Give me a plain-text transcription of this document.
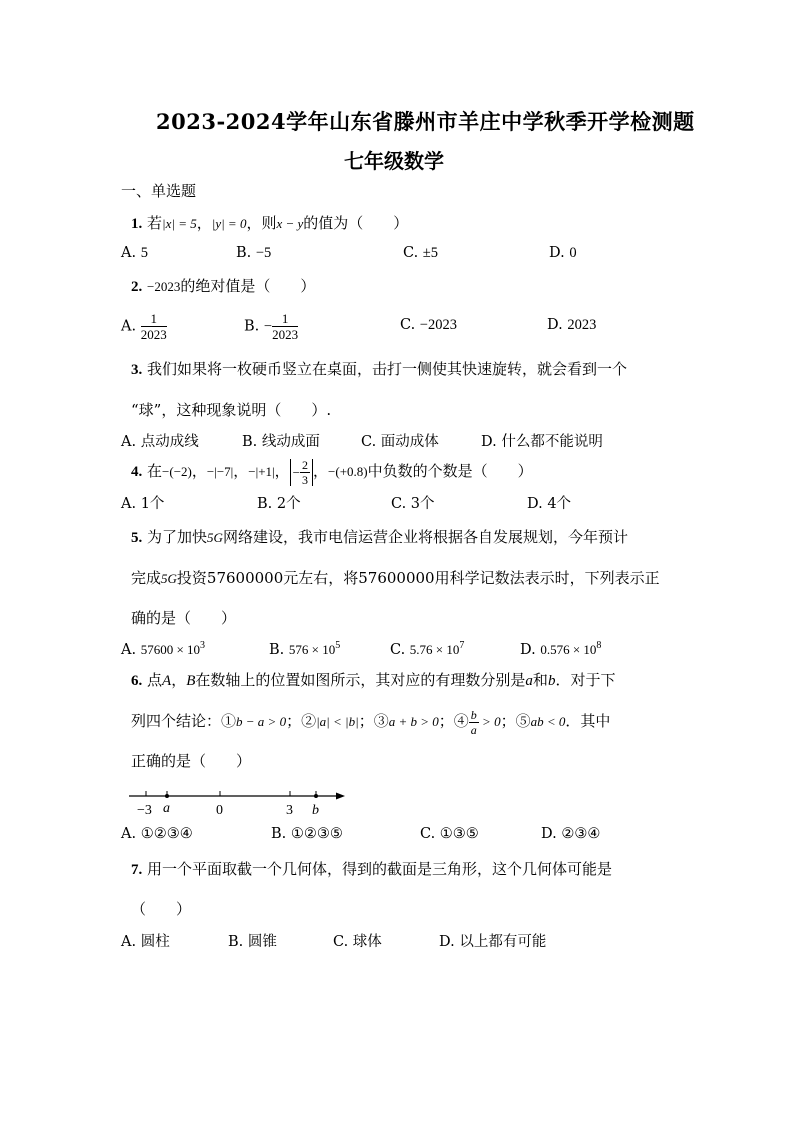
2023-2024学年山东省滕州市羊庄中学秋季开学检测题
七年级数学
一、单选题
1. 若|x| = 5，|y| = 0，则x − y的值为（　　）
A. 5	B. −5	C. ±5	D. 0
2. −2023的绝对值是（　　）
A. $\frac{1}{2023}$	B. − $\frac{1}{2023}$	C. −2023	D. 2023
3. 我们如果将一枚硬币竖立在桌面，击打一侧使其快速旋转，就会看到一个
“球”，这种现象说明（　　）.
A. 点动成线	B. 线动成面	C. 面动成体	D. 什么都不能说明
4. 在−(−2)，−|−7|，−|+1|， − $\frac{2}{3}$ ，−(+0.8)中负数的个数是（　　）
A. 1个	B. 2个	C. 3个	D. 4个
5. 为了加快5G网络建设，我市电信运营企业将根据各自发展规划，今年预计
完成5G投资57600000元左右，将57600000用科学记数法表示时，下列表示正
确的是（　　）
A. $57600 \times 10^3$	B. $576 \times 10^5$	C. $5.76 \times 10^7$	D. $0.576 \times 10^8$
6. 点A，B在数轴上的位置如图所示，其对应的有理数分别是a和b．对于下
列四个结论：①b − a > 0；②|a| < |b|；③a + b > 0；④ $\frac{b}{a} > 0$；⑤ab < 0．其中
正确的是（　　）
−3 a	0	3 b
A. ①②③④	B. ①②③⑤	C. ①③⑤	D. ②③④
7. 用一个平面取截一个几何体，得到的截面是三角形，这个几何体可能是
（　　）
A. 圆柱	B. 圆锥	C. 球体	D. 以上都有可能
